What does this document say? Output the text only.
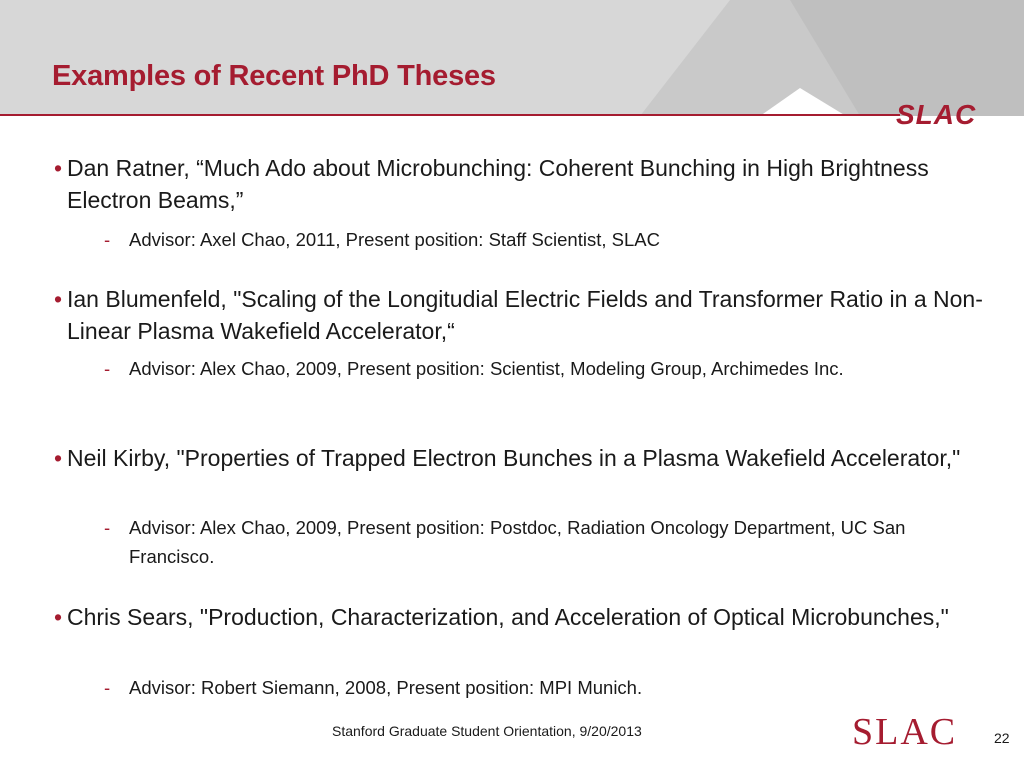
Examples of Recent PhD Theses
SLAC
• Dan Ratner, “Much Ado about Microbunching: Coherent Bunching in High Brightness Electron Beams,”
- Advisor: Axel Chao, 2011, Present position: Staff Scientist, SLAC
• Ian Blumenfeld, "Scaling of the Longitudial Electric Fields and Transformer Ratio in a Non-Linear Plasma Wakefield Accelerator,“
- Advisor: Alex Chao, 2009, Present position: Scientist, Modeling Group, Archimedes Inc.
• Neil Kirby, "Properties of Trapped Electron Bunches in a Plasma Wakefield Accelerator,"
- Advisor: Alex Chao, 2009, Present position: Postdoc, Radiation Oncology Department, UC San Francisco.
• Chris Sears, "Production, Characterization, and Acceleration of Optical Microbunches,"
- Advisor: Robert Siemann, 2008, Present position: MPI Munich.
Stanford Graduate Student Orientation, 9/20/2013	SLAC	22
